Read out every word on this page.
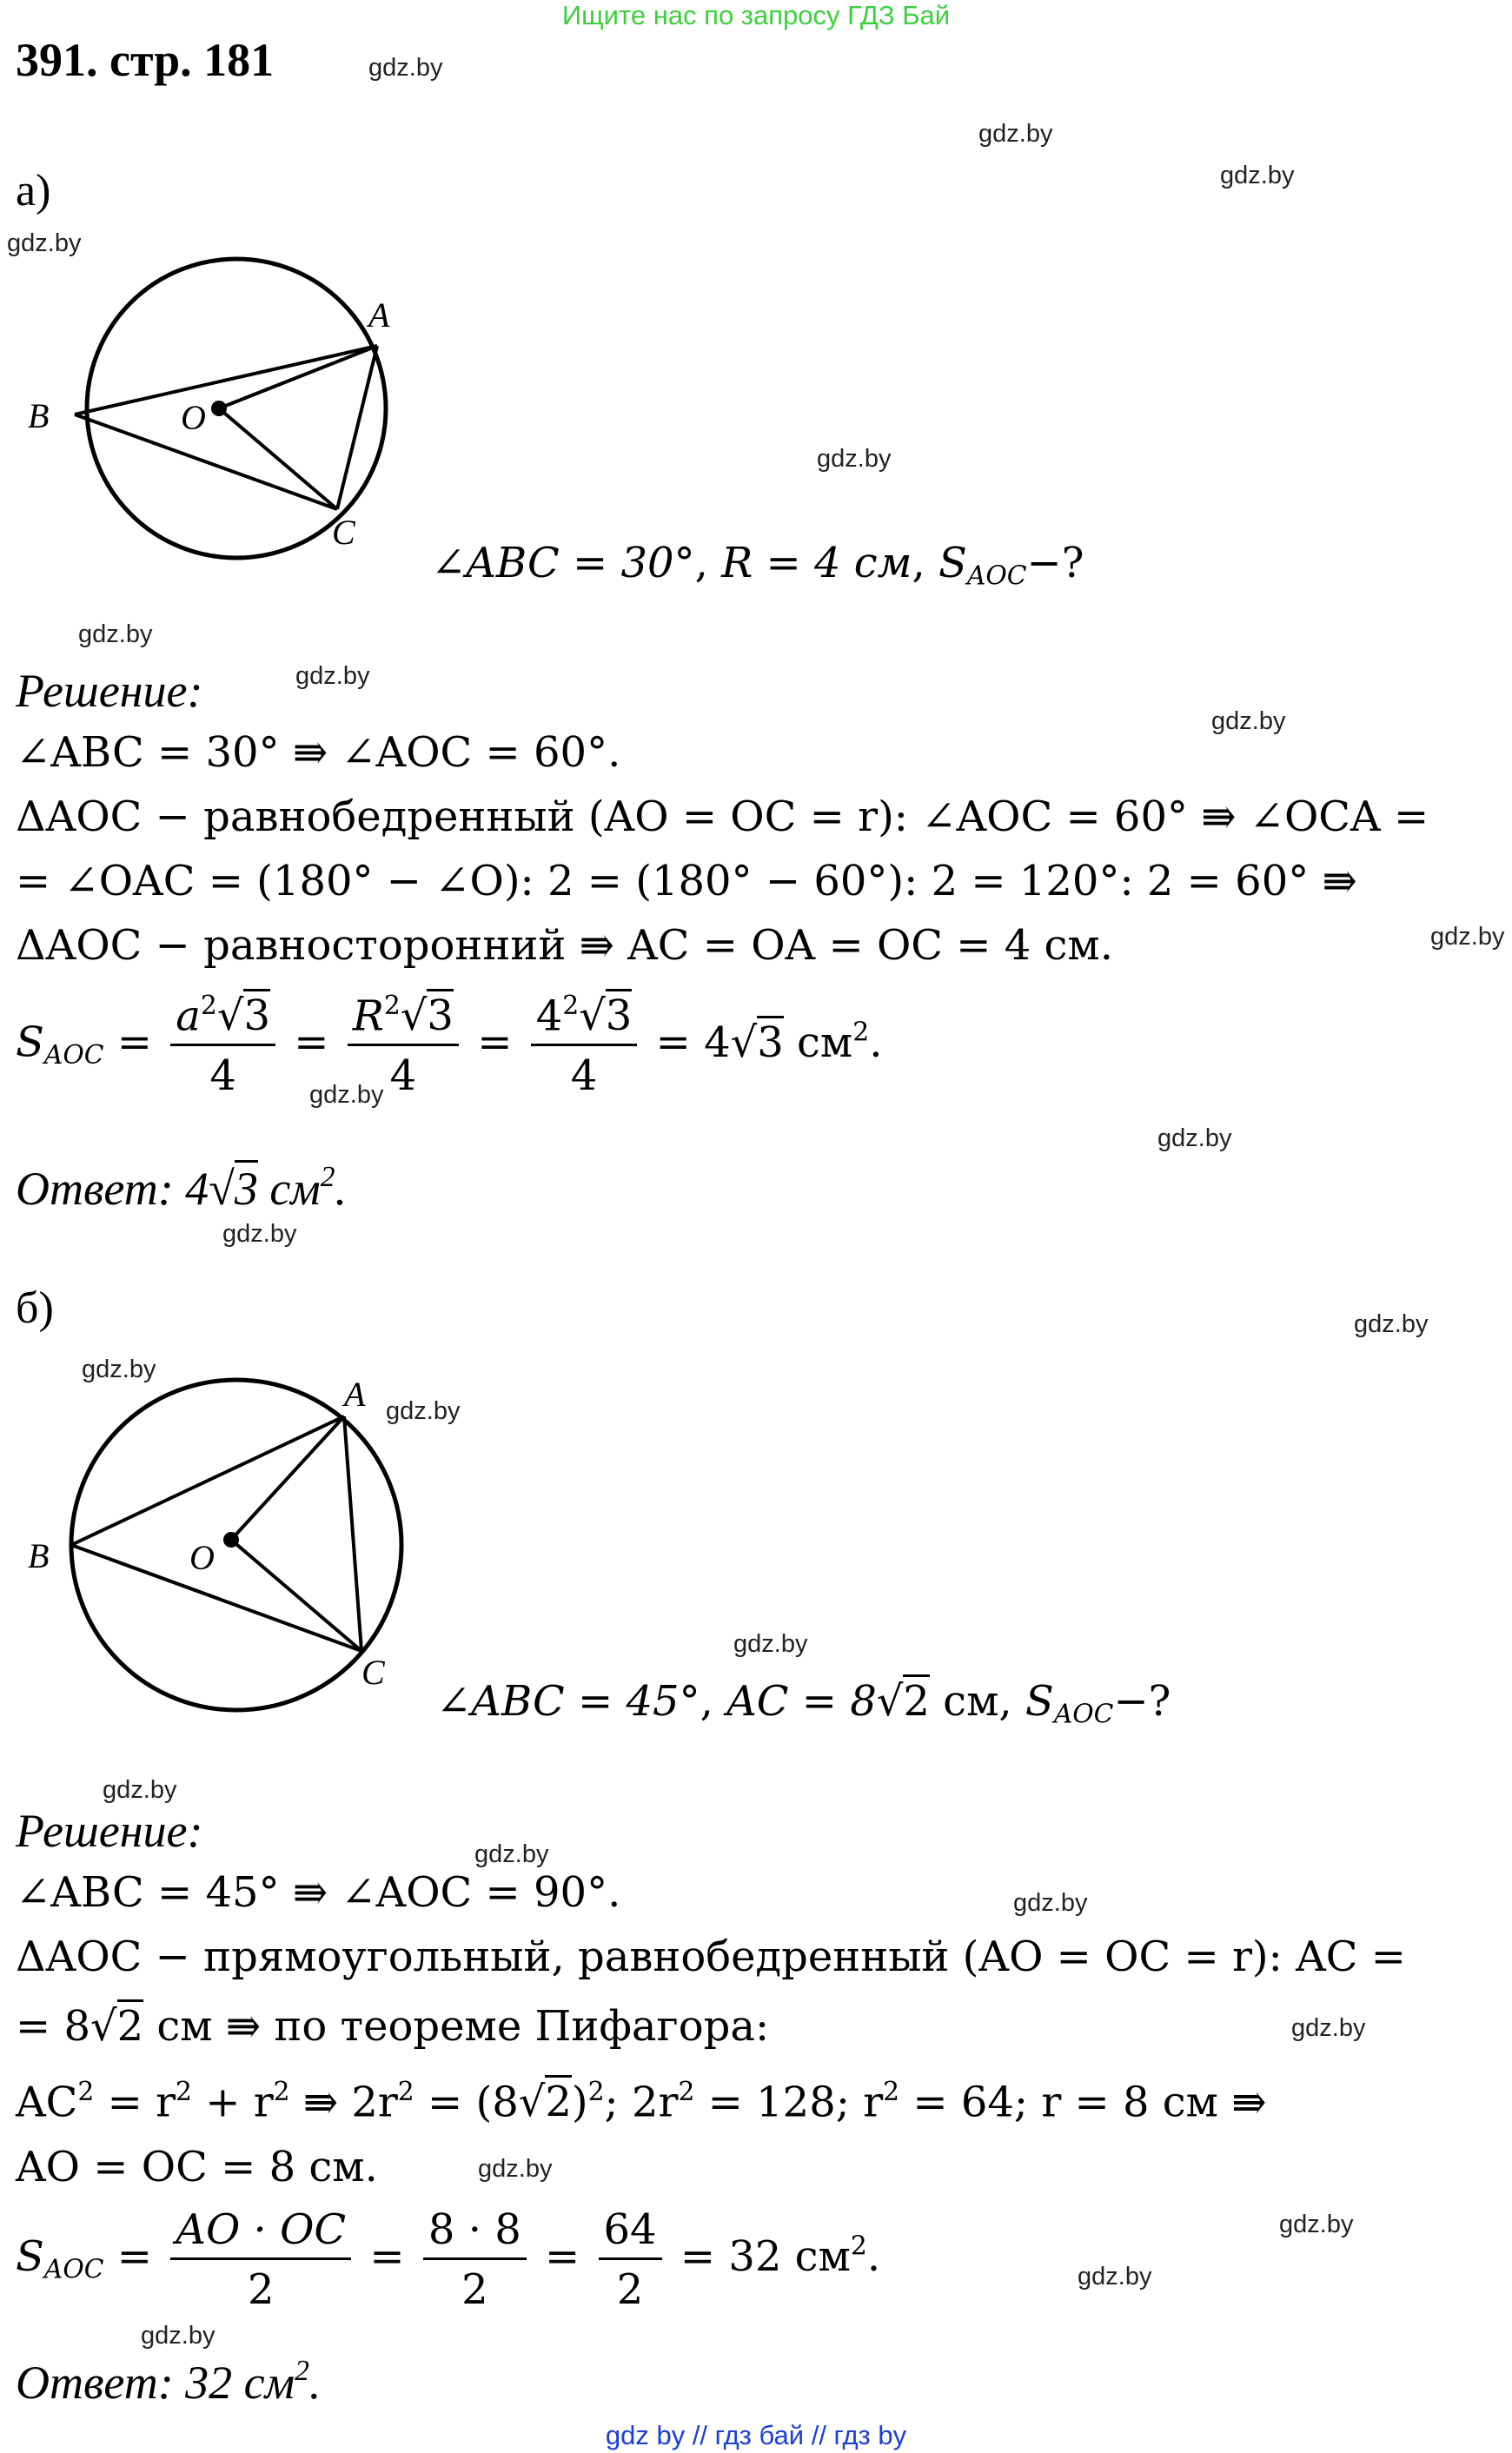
Ищите нас по запросу ГДЗ Бай
391. стр. 181	gdz.by
gdz.by
gdz.by
gdz.by
gdz.by
gdz.by
gdz.by
gdz.by
gdz.by
gdz.by
gdz.by
gdz.by
gdz.by
gdz.by
gdz.by
gdz.by
gdz.by
gdz.by
gdz.by
gdz.by
gdz.by
gdz.by
gdz.by
gdz.by
а)
A
B	O
C
∠ABC = 30°, R = 4 см, $S_{AOC}-$?
Решение:
∠ABC = 30° ⇛ ∠AOC = 60°.
ΔAOC − равнобедренный (AO = OC = r): ∠AOC = 60° ⇛ ∠OCA =
= ∠OAC = (180° − ∠O): 2 = (180° − 60°): 2 = 120°: 2 = 60° ⇛
ΔAOC − равносторонний ⇛ AC = OA = OC = 4 см.
$S_{AOC} = \frac{a^2√3}{4} = \frac{R^2√3}{4} = \frac{4^2√3}{4} = 4√3$ $см^2$.
Ответ: 4√3 $см^2$.
б)
A
B	O
C
∠ABC = 45°, AC = 8√2 см, $S_{AOC}-$?
Решение:
∠ABC = 45° ⇛ ∠AOC = 90°.
ΔAOC − прямоугольный, равнобедренный (AO = OC = r): AC =
= 8√2 см ⇛ по теореме Пифагора:
$AC^2 = r^2 + r^2$ ⇛ $2r^2 = (8√2)^2$; $2r^2 = 128$; $r^2 = 64$; r = 8 см ⇛
AO = OC = 8 см.
$S_{AOC} = \frac{AO \cdot OC}{2} = \frac{8 \cdot 8}{2} = \frac{64}{2} = 32$ $см^2$.
Ответ: 32 $см^2$.
gdz by // гдз бай // гдз by
